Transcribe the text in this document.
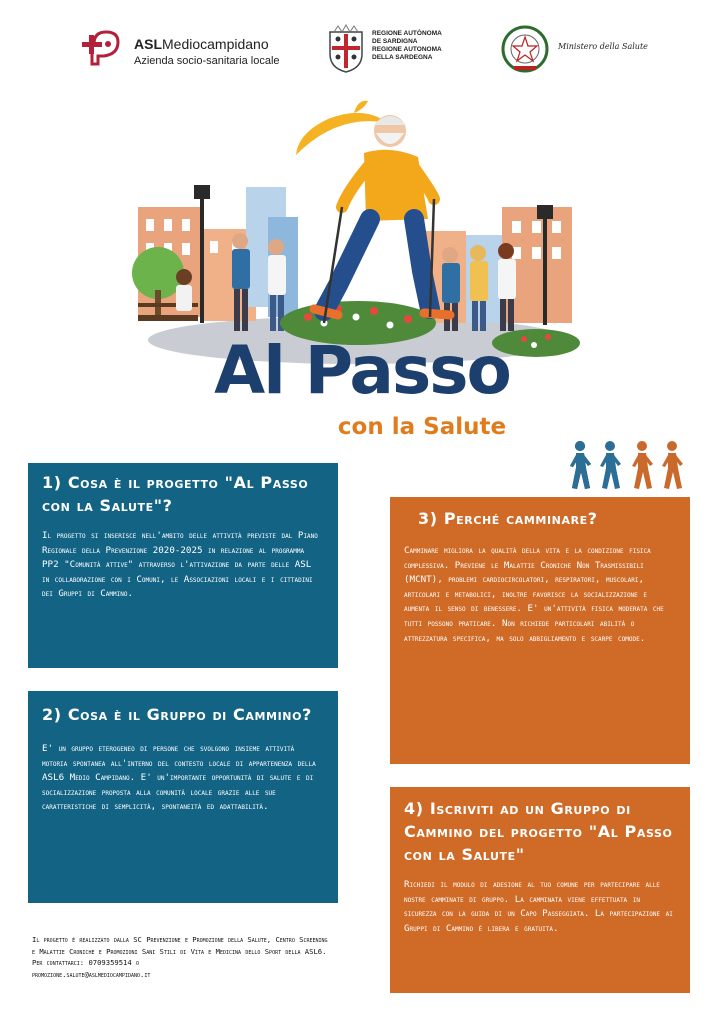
ASLMediocampidano
Azienda socio-sanitaria locale
REGIONE AUTÒNOMA
DE SARDIGNA
REGIONE AUTONOMA
DELLA SARDEGNA
Ministero della Salute
Al Passo
con la Salute
1) Cosa è il progetto "Al Passo con la Salute"?

Il progetto si inserisce nell'ambito delle attività previste dal Piano Regionale della Prevenzione 2020-2025 in relazione al programma PP2 "Comunità attive" attraverso l'attivazione da parte delle ASL in collaborazione con i Comuni, le Associazioni locali e i cittadini dei Gruppi di Cammino.

2) Cosa è il Gruppo di Cammino?

E' un gruppo eterogeneo di persone che svolgono insieme attività motoria spontanea all'interno del contesto locale di appartenenza della ASL6 Medio Campidano. E' un'importante opportunità di salute e di socializzazione proposta alla comunità locale grazie alle sue caratteristiche di semplicità, spontaneità ed adattabilità.

3) Perché camminare?

Camminare migliora la qualità della vita e la condizione fisica complessiva. Previene le Malattie Croniche Non Trasmissibili (MCNT), problemi cardiocircolatori, respiratori, muscolari, articolari e metabolici, inoltre favorisce la socializzazione e aumenta il senso di benessere. E' un'attività fisica moderata che tutti possono praticare. Non richiede particolari abilità o attrezzatura specifica, ma solo abbigliamento e scarpe comode.

4) Iscriviti ad un Gruppo di Cammino del progetto "Al Passo con la Salute"

Richiedi il modulo di adesione al tuo comune per partecipare alle nostre camminate di gruppo. La camminata viene effettuata in sicurezza con la guida di un Capo Passeggiata. La partecipazione ai Gruppi di Cammino è libera e gratuita.

Il progetto è realizzato dalla SC Prevenzione e Promozione della Salute, Centro Screening e Malattie Croniche e Promozioni Sani Stili di Vita e Medicina dello Sport della ASL6.
Per contattarci: 0709359514 o
promozione.salute@aslmediocampidano.it
